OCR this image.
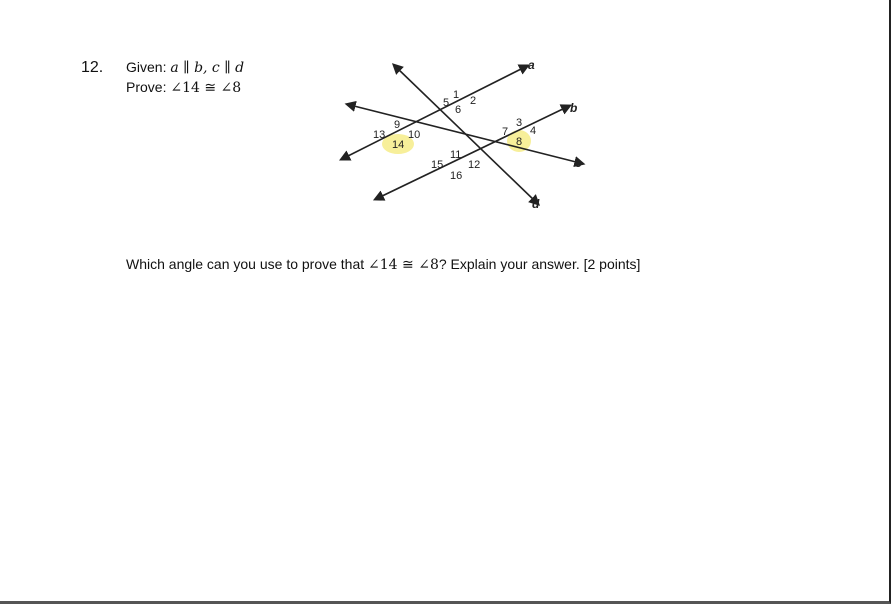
12. Given: a ∥ b, c ∥ d
Prove: ∠14 ≅ ∠8
a
b
c
d
1 2
5
6
3
4
7
8
9
10
13
14
11
12
15
16
Which angle can you use to prove that ∠14 ≅ ∠8? Explain your answer. [2 points]
